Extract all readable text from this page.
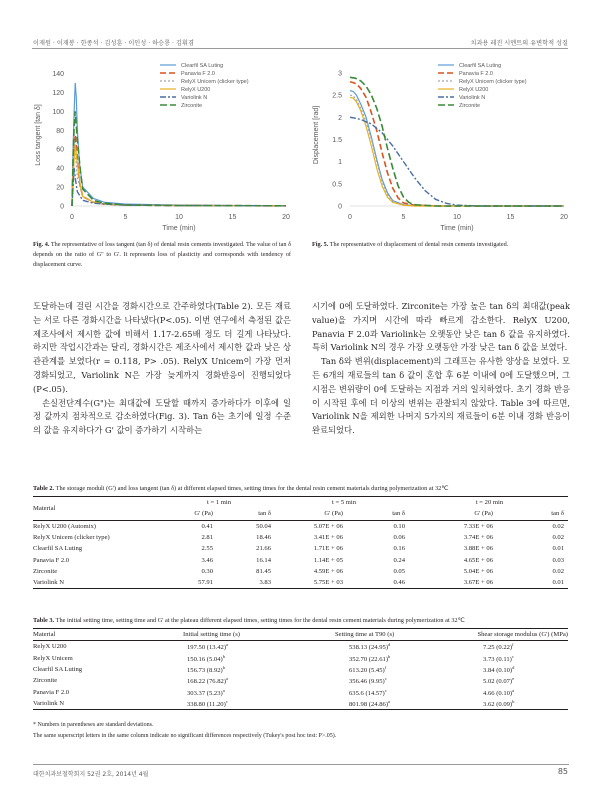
이재원 · 이재봉 · 한종석 · 김성훈 · 이인성 · 하승룡 · 김휘겸	치과용 레진 시멘트의 유변학적 성질
0
20
40
60
80
100
120
140
0	5	10	15	20
Time (min)
Loss tangent [tan δ]
Clearfil SA Luting
Panavia F 2.0
RelyX Unicem (clicker type)
RelyX U200
Variolink N
Zirconite
0
0.5
1
1.5
2
2.5
3
0	5	10	15	20
Time (min)
Displacement [rad]
Clearfil SA Luting
Panavia F 2.0
RelyX Unicem (clicker type)
RelyX U200
Variolink N
Zirconite
Fig. 4. The representative of loss tangent (tan δ) of dental resin cements investigated. The value of tan δ depends on the ratio of G" to G'. It represents loss of plasticity and corresponds with tendency of displacement curve.
Fig. 5. The representative of displacement of dental resin cements investigated.

도달하는데 걸린 시간을 경화시간으로 간주하였다(Table 2). 모든 재료는 서로 다른 경화시간을 나타냈다(P<.05). 이번 연구에서 측정된 값은 제조사에서 제시한 값에 비해서 1.17-2.65배 정도 더 길게 나타났다. 하지만 작업시간과는 달리, 경화시간은 제조사에서 제시한 값과 낮은 상관관계를 보였다(r = 0.118, P> .05). RelyX Unicem이 가장 먼저 경화되었고, Variolink N은 가장 늦게까지 경화반응이 진행되었다(P<.05).

손실전단계수(G")는 최대값에 도달할 때까지 증가하다가 이후에 일정 값까지 점차적으로 감소하였다(Fig. 3). Tan δ는 초기에 일정 수준의 값을 유지하다가 G' 값이 증가하기 시작하는

시기에 0에 도달하였다. Zirconite는 가장 높은 tan δ의 최대값(peak value)을 가지며 시간에 따라 빠르게 감소한다. RelyX U200, Panavia F 2.0과 Variolink는 오랫동안 낮은 tan δ 값을 유지하였다. 특히 Variolink N의 경우 가장 오랫동안 가장 낮은 tan δ 값을 보였다.

Tan δ와 변위(displacement)의 그래프는 유사한 양상을 보였다. 모든 6개의 재료들의 tan δ 값이 혼합 후 6분 이내에 0에 도달했으며, 그 시점은 변위량이 0에 도달하는 지점과 거의 일치하였다. 초기 경화 반응이 시작된 후에 더 이상의 변위는 관찰되지 않았다. Table 3에 따르면, Variolink N을 제외한 나머지 5가지의 재료들이 6분 이내 경화 반응이 완료되었다.

Table 2. The storage moduli (G') and loss tangent (tan δ) at different elapsed times, setting times for the dental resin cement materials during polymerization at 32℃
Material	t = 1 min		t = 5 min		t = 20 min	
	G' (Pa)	tan δ	G' (Pa)	tan δ	G' (Pa)	tan δ
RelyX U200 (Automix)	0.41	50.04	5.07E + 06	0.10	7.33E + 06	0.02
RelyX Unicem (clicker type)	2.81	18.46	3.41E + 06	0.06	3.74E + 06	0.02
Clearfil SA Luting	2.55	21.66	1.71E + 06	0.16	3.88E + 06	0.01
Panavia F 2.0	3.46	16.14	1.14E + 05	0.24	4.65E + 06	0.03
Zirconite	0.30	81.45	4.59E + 06	0.05	5.04E + 06	0.02
Variolink N	57.91	3.83	5.75E + 03	0.46	3.67E + 06	0.01
Table 3. The initial setting time, setting time and G' at the plateau different elapsed times, setting times for the dental resin cement materials during polymerization at 32℃
Material	Initial setting time (s)	Setting time at T90 (s)	Shear storage modulus (G') (MPa)
RelyX U200	197.50 $(13.42)^a$	538.13 $(24.95)^d$	7.25 $(0.22)^f$
RelyX Unicem	150.16 $(5.04)^b$	352.70 $(22.61)^b$	3.73 $(0.11)^c$
Clearfil SA Luting	156.73 $(8.92)^b$	613.20 $(5.45)^f$	3.84 $(0.10)^d$
Zirconite	168.22 $(76.82)^a$	356.46 $(9.95)^c$	5.02 $(0.07)^e$
Panavia F 2.0	303.37 $(5.23)^a$	635.6 $(14.57)^c$	4.66 $(0.10)^a$
Variolink N	338.80 $(11.20)^c$	801.98 $(24.86)^a$	3.62 $(0.09)^b$
* Numbers in parentheses are standard deviations.
The same superscript letters in the same column indicate no significant differences respectively (Tukey's post hoc test: P>.05).
대한치과보철학회지 52권 2호, 2014년 4월	85
